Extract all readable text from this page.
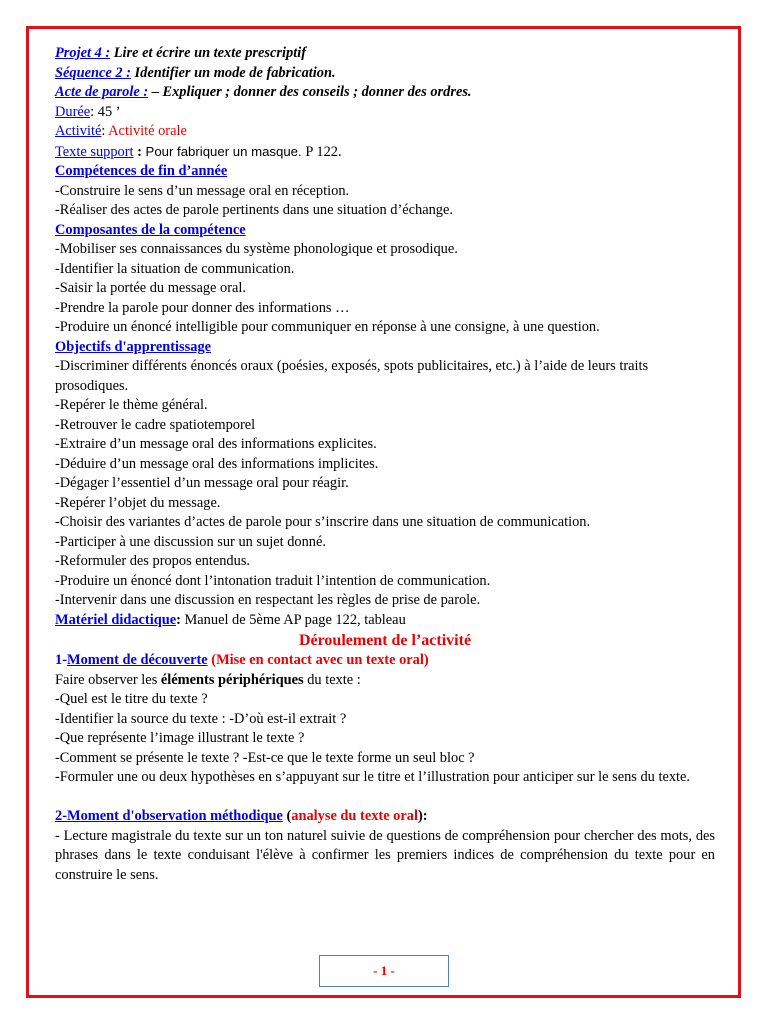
Projet 4 : Lire et écrire un texte prescriptif
Séquence 2 : Identifier un mode de fabrication.
Acte de parole : – Expliquer ; donner des conseils ; donner des ordres.
Durée: 45 ’
Activité: Activité orale
Texte support : Pour fabriquer un masque. P 122.
Compétences de fin d’année
-Construire le sens d’un message oral en réception.
-Réaliser des actes de parole pertinents dans une situation d’échange.
Composantes de la compétence
-Mobiliser ses connaissances du système phonologique et prosodique.
-Identifier la situation de communication.
-Saisir la portée du message oral.
-Prendre la parole pour donner des informations …
-Produire un énoncé intelligible pour communiquer en réponse à une consigne, à une question.
Objectifs d'apprentissage
-Discriminer différents énoncés oraux (poésies, exposés, spots publicitaires, etc.) à l’aide de leurs traits prosodiques.
-Repérer le thème général.
-Retrouver le cadre spatiotemporel
-Extraire d’un message oral des informations explicites.
-Déduire d’un message oral des informations implicites.
-Dégager l’essentiel d’un message oral pour réagir.
-Repérer l’objet du message.
-Choisir des variantes d’actes de parole pour s’inscrire dans une situation de communication.
-Participer à une discussion sur un sujet donné.
-Reformuler des propos entendus.
-Produire un énoncé dont l’intonation traduit l’intention de communication.
-Intervenir dans une discussion en respectant les règles de prise de parole.
Matériel didactique: Manuel de 5ème AP page 122, tableau
Déroulement de l’activité
1-Moment de découverte (Mise en contact avec un texte oral)
Faire observer les éléments périphériques du texte :
-Quel est le titre du texte ?
-Identifier la source du texte : -D’où est-il extrait ?
-Que représente l’image illustrant le texte ?
-Comment se présente le texte ? -Est-ce que le texte forme un seul bloc ?
-Formuler une ou deux hypothèses en s’appuyant sur le titre et l’illustration pour anticiper sur le sens du texte.
2-Moment d'observation méthodique (analyse du texte oral):
- Lecture magistrale du texte sur un ton naturel suivie de questions de compréhension pour chercher des mots, des phrases dans le texte conduisant l'élève à confirmer les premiers indices de compréhension du texte pour en construire le sens.
- 1 -
